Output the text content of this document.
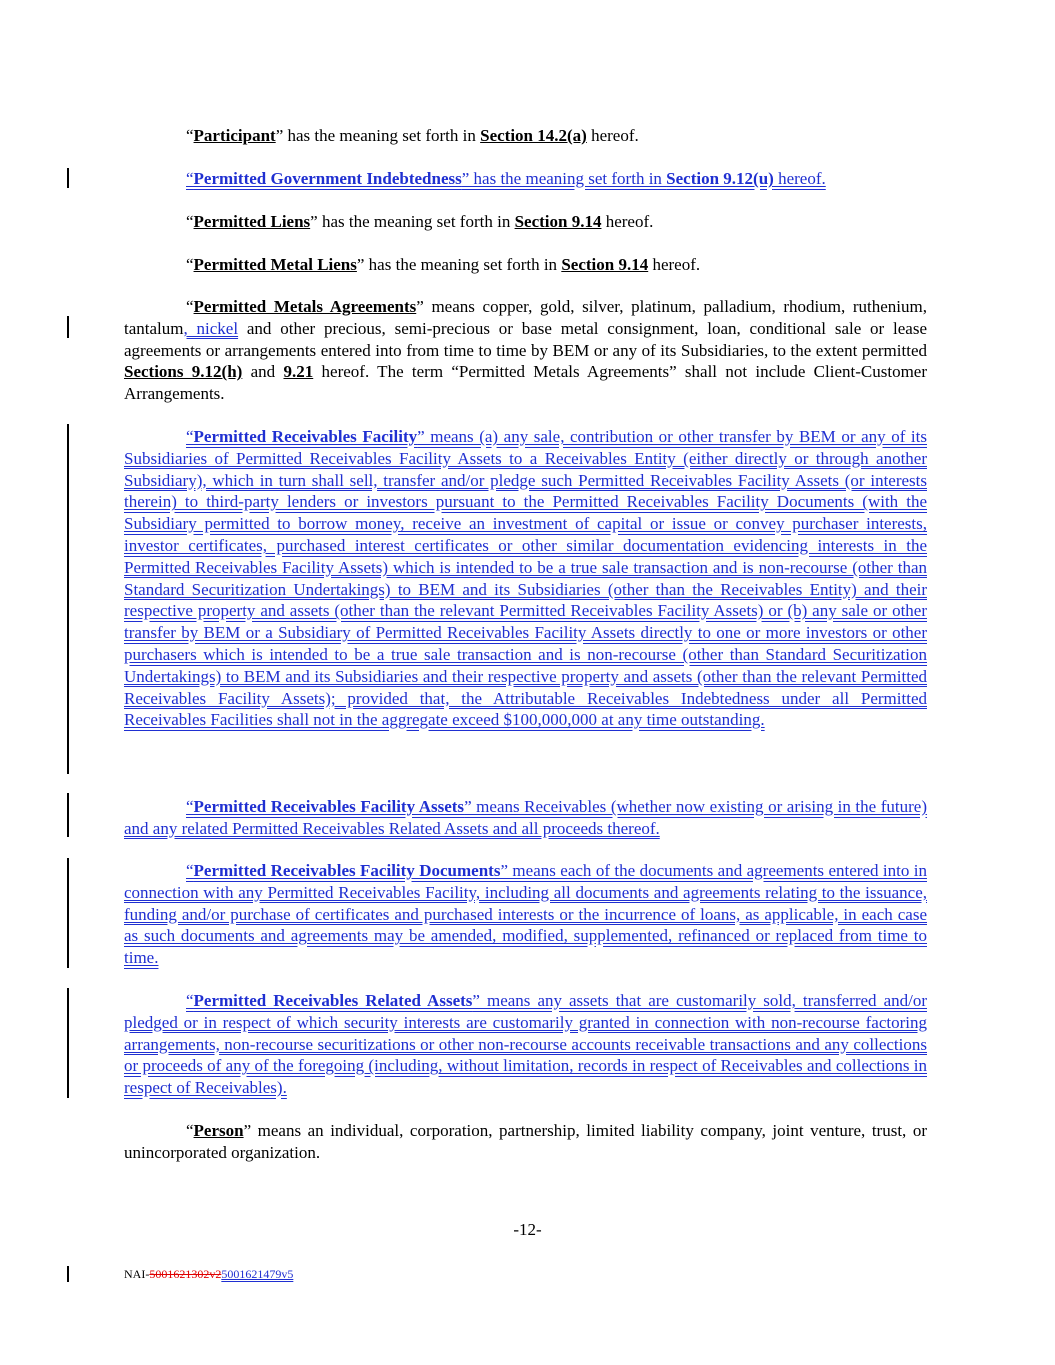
“Participant” has the meaning set forth in Section 14.2(a) hereof.

“Permitted Government Indebtedness” has the meaning set forth in Section 9.12(u) hereof.

“Permitted Liens” has the meaning set forth in Section 9.14 hereof.

“Permitted Metal Liens” has the meaning set forth in Section 9.14 hereof.

“Permitted Metals Agreements” means copper, gold, silver, platinum, palladium, rhodium, ruthenium, tantalum, nickel and other precious, semi-precious or base metal consignment, loan, conditional sale or lease agreements or arrangements entered into from time to time by BEM or any of its Subsidiaries, to the extent permitted Sections 9.12(h) and 9.21 hereof. The term “Permitted Metals Agreements” shall not include Client-Customer Arrangements.

“Permitted Receivables Facility” means (a) any sale, contribution or other transfer by BEM or any of its Subsidiaries of Permitted Receivables Facility Assets to a Receivables Entity (either directly or through another Subsidiary), which in turn shall sell, transfer and/or pledge such Permitted Receivables Facility Assets (or interests therein) to third-party lenders or investors pursuant to the Permitted Receivables Facility Documents (with the Subsidiary permitted to borrow money, receive an investment of capital or issue or convey purchaser interests, investor certificates, purchased interest certificates or other similar documentation evidencing interests in the Permitted Receivables Facility Assets) which is intended to be a true sale transaction and is non-recourse (other than Standard Securitization Undertakings) to BEM and its Subsidiaries (other than the Receivables Entity) and their respective property and assets (other than the relevant Permitted Receivables Facility Assets) or (b) any sale or other transfer by BEM or a Subsidiary of Permitted Receivables Facility Assets directly to one or more investors or other purchasers which is intended to be a true sale transaction and is non-recourse (other than Standard Securitization Undertakings) to BEM and its Subsidiaries and their respective property and assets (other than the relevant Permitted Receivables Facility Assets); provided that, the Attributable Receivables Indebtedness under all Permitted Receivables Facilities shall not in the aggregate exceed $100,000,000 at any time outstanding.

“Permitted Receivables Facility Assets” means Receivables (whether now existing or arising in the future) and any related Permitted Receivables Related Assets and all proceeds thereof.

“Permitted Receivables Facility Documents” means each of the documents and agreements entered into in connection with any Permitted Receivables Facility, including all documents and agreements relating to the issuance, funding and/or purchase of certificates and purchased interests or the incurrence of loans, as applicable, in each case as such documents and agreements may be amended, modified, supplemented, refinanced or replaced from time to time.

“Permitted Receivables Related Assets” means any assets that are customarily sold, transferred and/or pledged or in respect of which security interests are customarily granted in connection with non-recourse factoring arrangements, non-recourse securitizations or other non-recourse accounts receivable transactions and any collections or proceeds of any of the foregoing (including, without limitation, records in respect of Receivables and collections in respect of Receivables).

“Person” means an individual, corporation, partnership, limited liability company, joint venture, trust, or unincorporated organization.

-12-
NAI-5001621302v25001621479v5
